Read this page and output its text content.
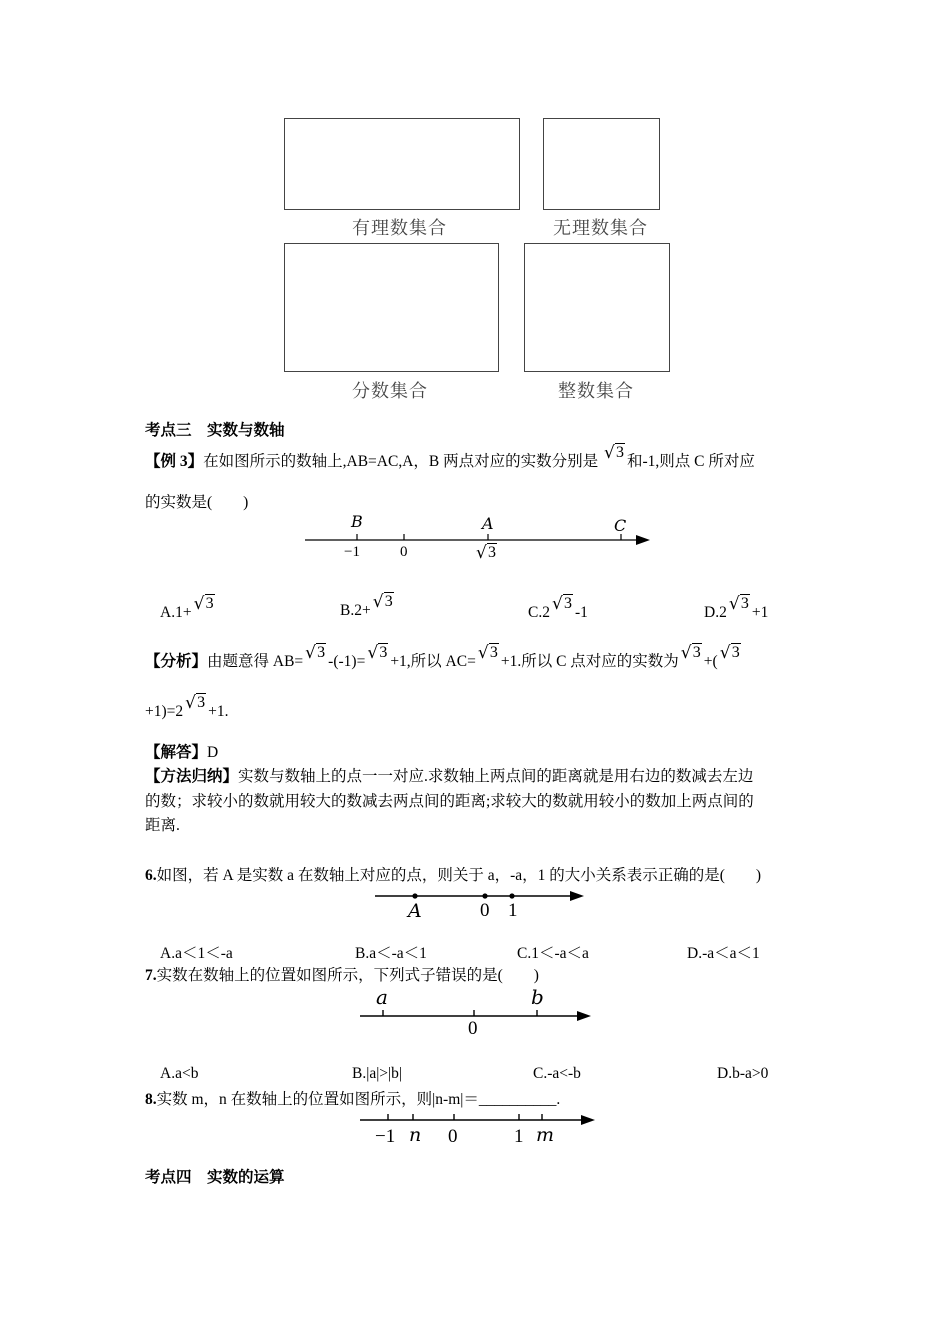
有理数集合	无理数集合
分数集合	整数集合
考点三　实数与数轴
【例 3】在如图所示的数轴上,AB=AC,A，B 两点对应的实数分别是 √ 3和-1,则点 C 所对应
的实数是(　　)
B	A	C
−1	0	√ 3
A.1+ √ 3	B.2+ √ 3
C.2 √ 3-1	D.2 √ 3+1
【分析】由题意得 AB= √ 3-(-1)= √ 3+1,所以 AC= √ 3+1.所以 C 点对应的实数为 √ 3+( √ 3
+1)=2 √ 3+1.
【解答】D
【方法归纳】实数与数轴上的点一一对应.求数轴上两点间的距离就是用右边的数减去左边
的数；求较小的数就用较大的数减去两点间的距离;求较大的数就用较小的数加上两点间的
距离.
6.如图，若 A 是实数 a 在数轴上对应的点，则关于 a，-a，1 的大小关系表示正确的是(　　)
A	0 1
A.a＜1＜-a	B.a＜-a＜1	C.1＜-a＜a	D.-a＜a＜1
7.实数在数轴上的位置如图所示，下列式子错误的是(　　)
a	b
0
A.a<b	B.|a|>|b|	C.-a<-b	D.b-a>0
8.实数 m，n 在数轴上的位置如图所示，则|n-m|＝__________.
−1 n 0	1 m
考点四　实数的运算
